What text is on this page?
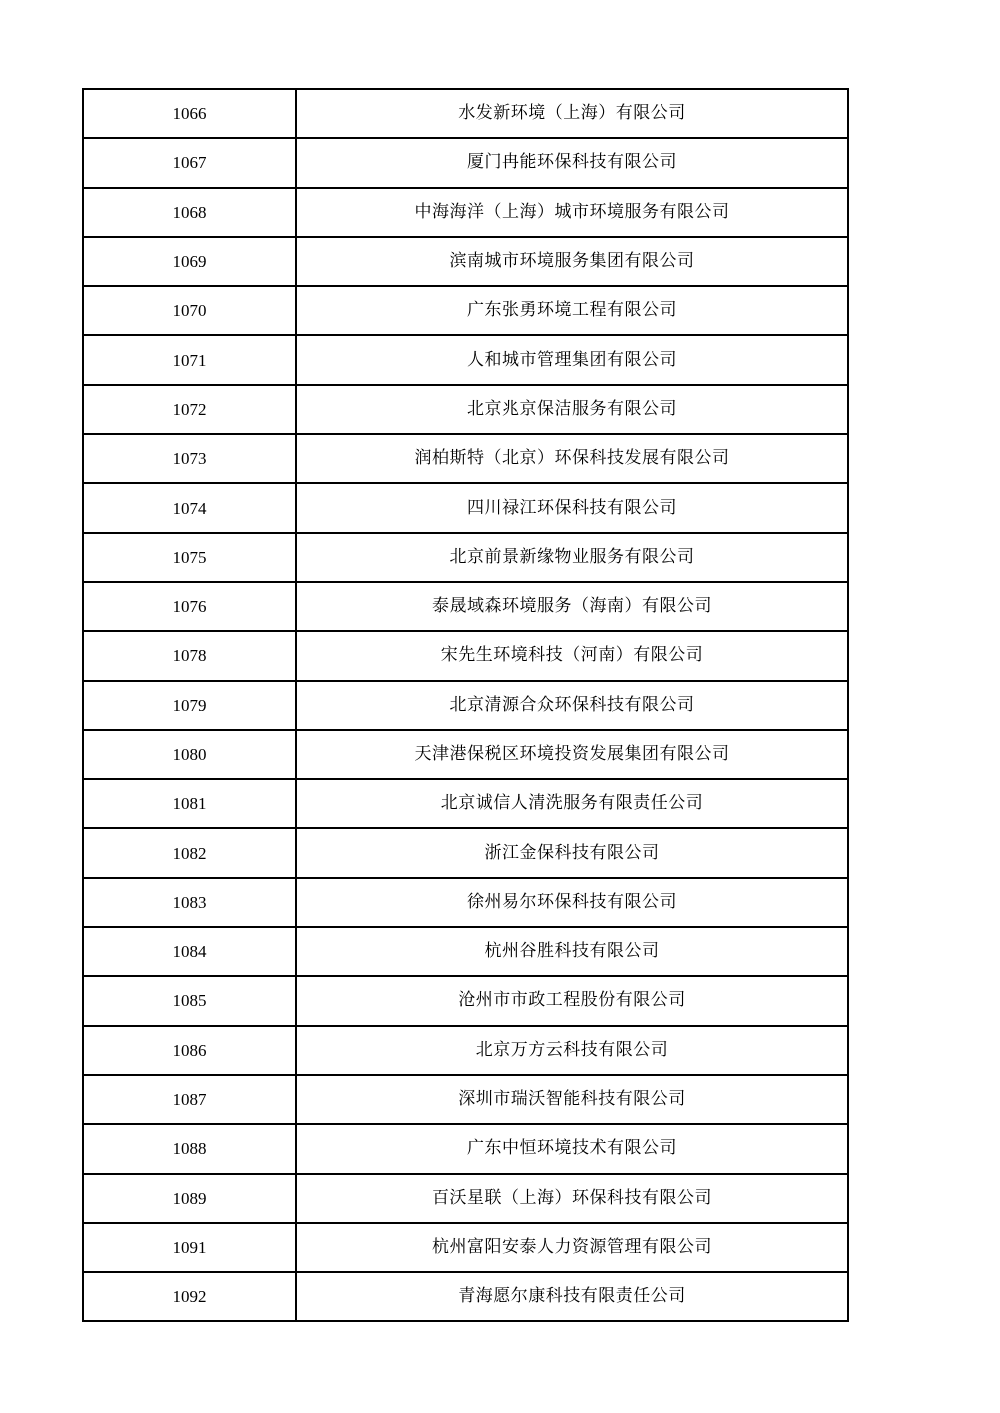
1066	水发新环境（上海）有限公司
1067	厦门冉能环保科技有限公司
1068	中海海洋（上海）城市环境服务有限公司
1069	滨南城市环境服务集团有限公司
1070	广东张勇环境工程有限公司
1071	人和城市管理集团有限公司
1072	北京兆京保洁服务有限公司
1073	润柏斯特（北京）环保科技发展有限公司
1074	四川禄江环保科技有限公司
1075	北京前景新缘物业服务有限公司
1076	泰晟域森环境服务（海南）有限公司
1078	宋先生环境科技（河南）有限公司
1079	北京清源合众环保科技有限公司
1080	天津港保税区环境投资发展集团有限公司
1081	北京诚信人清洗服务有限责任公司
1082	浙江金保科技有限公司
1083	徐州易尔环保科技有限公司
1084	杭州谷胜科技有限公司
1085	沧州市市政工程股份有限公司
1086	北京万方云科技有限公司
1087	深圳市瑞沃智能科技有限公司
1088	广东中恒环境技术有限公司
1089	百沃星联（上海）环保科技有限公司
1091	杭州富阳安泰人力资源管理有限公司
1092	青海愿尔康科技有限责任公司
